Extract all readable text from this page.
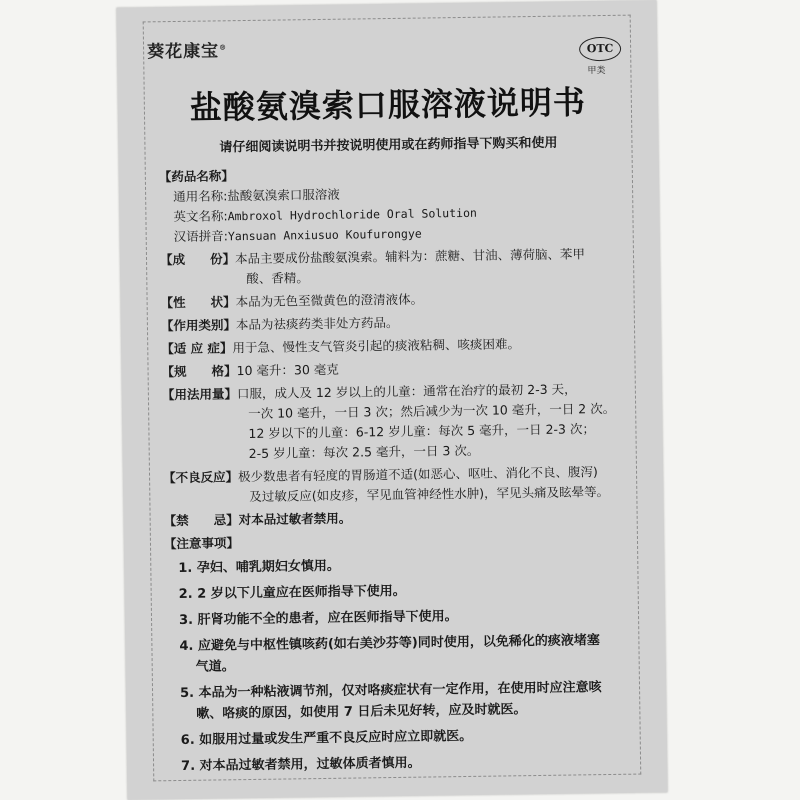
葵花康宝®	OTC
甲类
盐酸氨溴索口服溶液说明书
请仔细阅读说明书并按说明使用或在药师指导下购买和使用
【药品名称】
通用名称: 盐酸氨溴索口服溶液
英文名称: Ambroxol Hydrochloride Oral Solution
汉语拼音: Yansuan Anxiusuo Koufurongye
【成　　份】 本品主要成份盐酸氨溴索。辅料为：蔗糖、甘油、薄荷脑、苯甲
酸、香精。
【性　　状】 本品为无色至微黄色的澄清液体。
【作用类别】 本品为祛痰药类非处方药品。
【适 应 症】 用于急、慢性支气管炎引起的痰液粘稠、咳痰困难。
【规　　格】 10 毫升：30 毫克
【用法用量】 口服，成人及 12 岁以上的儿童：通常在治疗的最初 2-3 天，
一次 10 毫升，一日 3 次；然后减少为一次 10 毫升，一日 2 次。
12 岁以下的儿童：6-12 岁儿童：每次 5 毫升，一日 2-3 次；
2-5 岁儿童：每次 2.5 毫升，一日 3 次。
【不良反应】 极少数患者有轻度的胃肠道不适(如恶心、呕吐、消化不良、腹泻)
及过敏反应(如皮疹，罕见血管神经性水肿)，罕见头痛及眩晕等。
【禁　　忌】 对本品过敏者禁用。
【注意事项】
1. 孕妇、哺乳期妇女慎用。
2. 2 岁以下儿童应在医师指导下使用。
3. 肝肾功能不全的患者，应在医师指导下使用。
4. 应避免与中枢性镇咳药(如右美沙芬等)同时使用，以免稀化的痰液堵塞
气道。
5. 本品为一种粘液调节剂，仅对咯痰症状有一定作用，在使用时应注意咳
嗽、咯痰的原因，如使用 7 日后未见好转，应及时就医。
6. 如服用过量或发生严重不良反应时应立即就医。
7. 对本品过敏者禁用，过敏体质者慎用。
